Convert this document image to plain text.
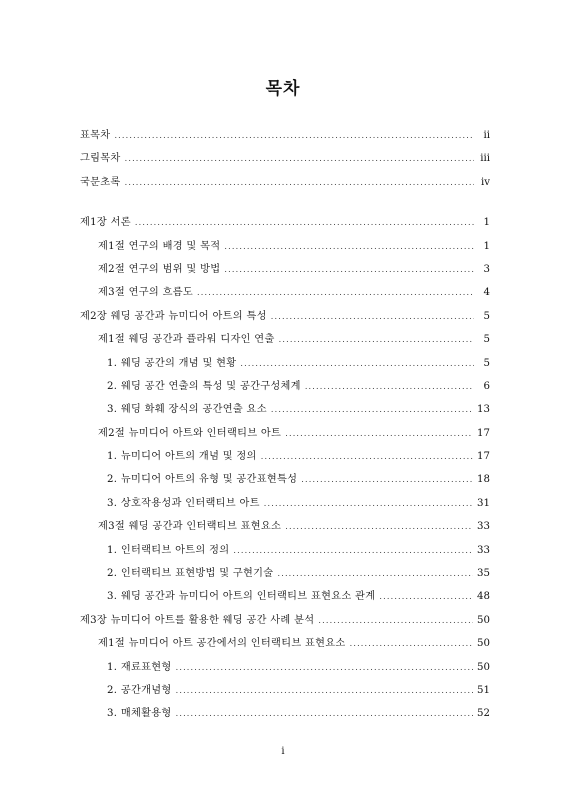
목차
표목차 .....	ii
그림목차 .....	iii
국문초록 .....	iv
제1장 서론 .....	1
제1절 연구의 배경 및 목적 .....	1
제2절 연구의 범위 및 방법 .....	3
제3절 연구의 흐름도 .....	4
제2장 웨딩 공간과 뉴미디어 아트의 특성 .....	5
제1절 웨딩 공간과 플라워 디자인 연출 .....	5
1. 웨딩 공간의 개념 및 현황 .....	5
2. 웨딩 공간 연출의 특성 및 공간구성체계 .....	6
3. 웨딩 화훼 장식의 공간연출 요소 .....	13
제2절 뉴미디어 아트와 인터랙티브 아트 .....	17
1. 뉴미디어 아트의 개념 및 정의 .....	17
2. 뉴미디어 아트의 유형 및 공간표현특성 .....	18
3. 상호작용성과 인터랙티브 아트 .....	31
제3절 웨딩 공간과 인터랙티브 표현요소 .....	33
1. 인터랙티브 아트의 정의 .....	33
2. 인터랙티브 표현방법 및 구현기술 .....	35
3. 웨딩 공간과 뉴미디어 아트의 인터랙티브 표현요소 관계 .....	48
제3장 뉴미디어 아트를 활용한 웨딩 공간 사례 분석 .....	50
제1절 뉴미디어 아트 공간에서의 인터랙티브 표현요소 .....	50
1. 재료표현형 .....	50
2. 공간개념형 .....	51
3. 매체활용형 .....	52
i
